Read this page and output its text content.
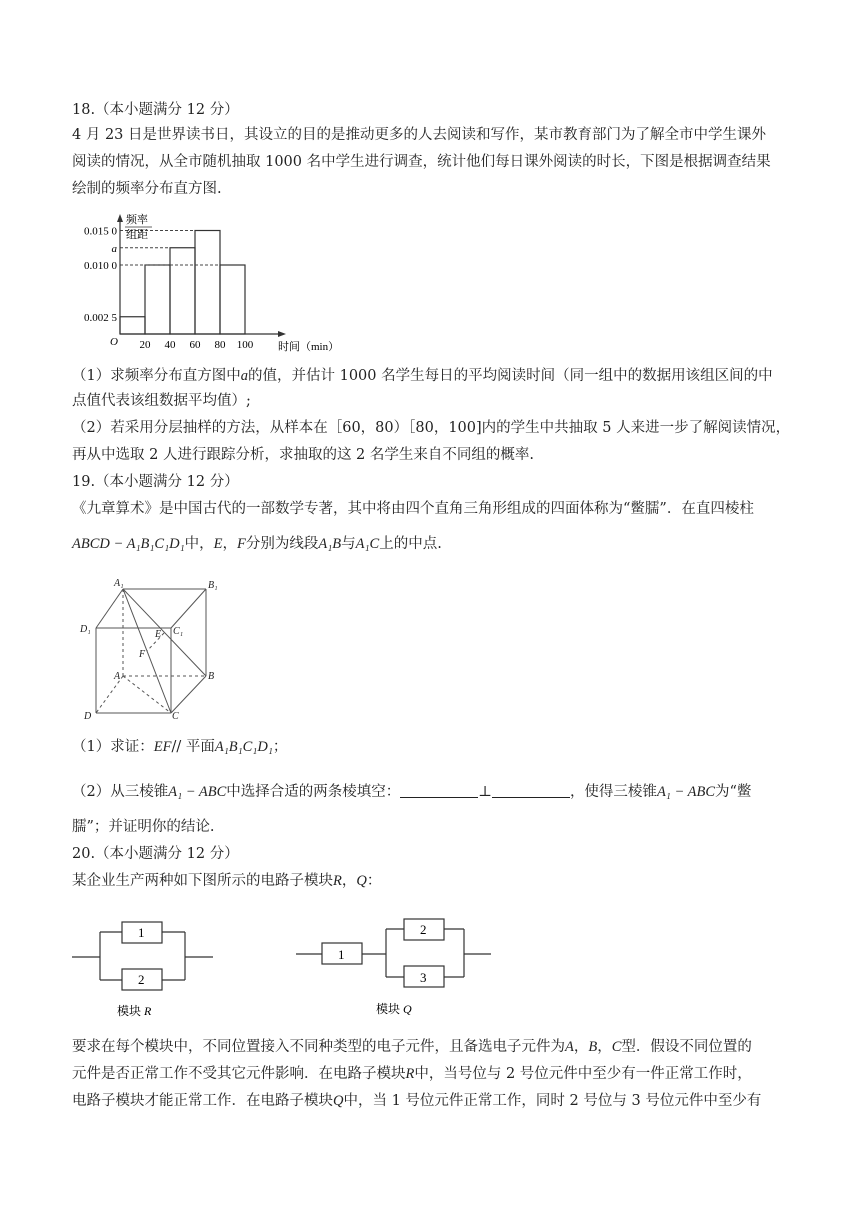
18.（本小题满分 12 分）
4 月 23 日是世界读书日，其设立的目的是推动更多的人去阅读和写作，某市教育部门为了解全市中学生课外
阅读的情况，从全市随机抽取 1000 名中学生进行调查，统计他们每日课外阅读的时长，下图是根据调查结果
绘制的频率分布直方图.
0.015 0
a
0.010 0
0.002 5
20 40 60 80 100
频率
组距
时间（min）
O
（1）求频率分布直方图中a的值，并估计 1000 名学生每日的平均阅读时间（同一组中的数据用该组区间的中
点值代表该组数据平均值）;
（2）若采用分层抽样的方法，从样本在［60，80）［80，100]内的学生中共抽取 5 人来进一步了解阅读情况，
再从中选取 2 人进行跟踪分析，求抽取的这 2 名学生来自不同组的概率.
19.（本小题满分 12 分）
《九章算术》是中国古代的一部数学专著，其中将由四个直角三角形组成的四面体称为“鳖臑”．在直四棱柱
ABCD − A₁B₁C₁D₁中，E，F分别为线段A₁B与A₁C上的中点.
A₁	B₁
C₁
D₁	E
F
A	B
C
D
（1）求证：EF// 平面A₁B₁C₁D₁；
（2）从三棱锥A₁ − ABC中选择合适的两条棱填空：	⊥	，使得三棱锥A₁ − ABC为“鳖
臑”；并证明你的结论.
20.（本小题满分 12 分）
某企业生产两种如下图所示的电路子模块R，Q：
1
2
模块 R
1
2
3
模块 Q
要求在每个模块中，不同位置接入不同种类型的电子元件，且备选电子元件为A，B，C型．假设不同位置的
元件是否正常工作不受其它元件影响．在电路子模块R中，当号位与 2 号位元件中至少有一件正常工作时，
电路子模块才能正常工作．在电路子模块Q中，当 1 号位元件正常工作，同时 2 号位与 3 号位元件中至少有
